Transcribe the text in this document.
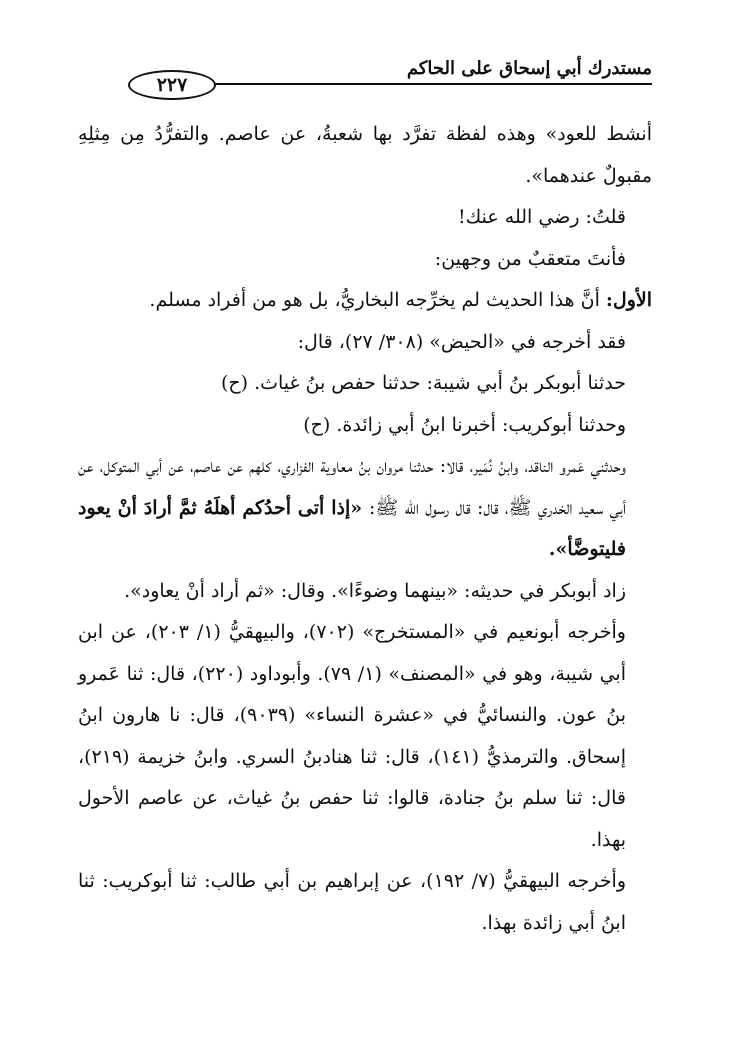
مستدرك أبي إسحاق على الحاكم
٢٢٧

أنشط للعود» وهذه لفظة تفرَّد بها شعبةُ، عن عاصم. والتفرُّدُ مِن مِثلِهِ مقبولٌ عندهما».

قلتُ: رضي الله عنك!

فأنتَ متعقبٌ من وجهين:

الأول: أنَّ هذا الحديث لم يخرِّجه البخاريُّ، بل هو من أفراد مسلم.

فقد أخرجه في «الحيض» (٣٠٨/ ٢٧)، قال:

حدثنا أبوبكر بنُ أبي شيبة: حدثنا حفص بنُ غياث. (ح)

وحدثنا أبوكريب: أخبرنا ابنُ أبي زائدة. (ح)

وحدثني عَمرو الناقد، وابنُ نُمَير، قالا: حدثنا مروان بنُ معاوية الفزاري، كلهم عن عاصم، عن أبي المتوكل، عن أبي سعيد الخدري ﷺ، قال: قال رسول الله ﷺ: «إذا أتى أحدُكم أهلَهُ ثمَّ أرادَ أنْ يعود فليتوضَّأ».

زاد أبوبكر في حديثه: «بينهما وضوءًا». وقال: «ثم أراد أنْ يعاود».

وأخرجه أبونعيم في «المستخرج» (٧٠٢)، والبيهقيُّ (١/ ٢٠٣)، عن ابن أبي شيبة، وهو في «المصنف» (١/ ٧٩). وأبوداود (٢٢٠)، قال: ثنا عَمرو بنُ عون. والنسائيُّ في «عشرة النساء» (٩٠٣٩)، قال: نا هارون ابنُ إسحاق. والترمذيُّ (١٤١)، قال: ثنا هنادبنُ السري. وابنُ خزيمة (٢١٩)، قال: ثنا سلم بنُ جنادة، قالوا: ثنا حفص بنُ غياث، عن عاصم الأحول بهذا.

وأخرجه البيهقيُّ (٧/ ١٩٢)، عن إبراهيم بن أبي طالب: ثنا أبوكريب: ثنا ابنُ أبي زائدة بهذا.
